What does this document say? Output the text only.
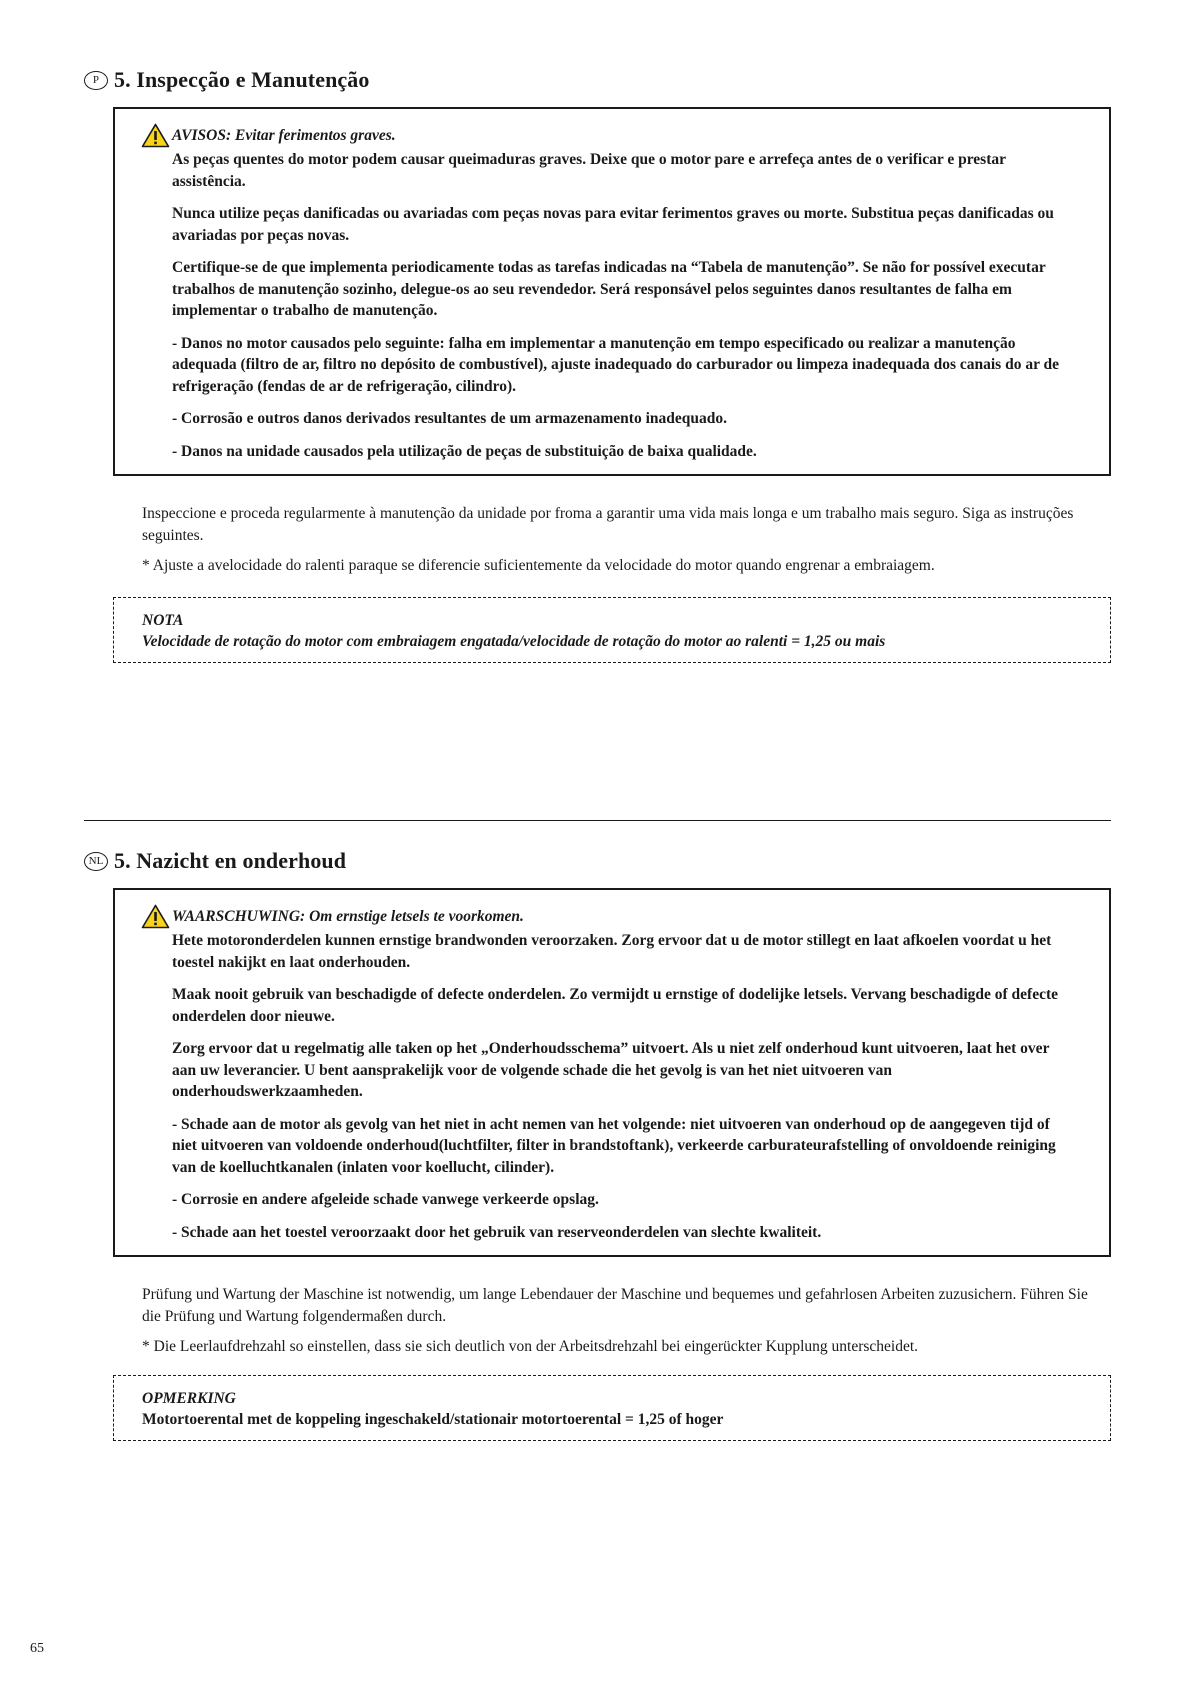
P 5. Inspecção e Manutenção
AVISOS: Evitar ferimentos graves.

As peças quentes do motor podem causar queimaduras graves. Deixe que o motor pare e arrefeça antes de o verificar e prestar assistência.

Nunca utilize peças danificadas ou avariadas com peças novas para evitar ferimentos graves ou morte. Substitua peças danificadas ou avariadas por peças novas.

Certifique-se de que implementa periodicamente todas as tarefas indicadas na “Tabela de manutenção”. Se não for possível executar trabalhos de manutenção sozinho, delegue-os ao seu revendedor. Será responsável pelos seguintes danos resultantes de falha em implementar o trabalho de manutenção.

- Danos no motor causados pelo seguinte: falha em implementar a manutenção em tempo especificado ou realizar a manutenção adequada (filtro de ar, filtro no depósito de combustível), ajuste inadequado do carburador ou limpeza inadequada dos canais do ar de refrigeração (fendas de ar de refrigeração, cilindro).

- Corrosão e outros danos derivados resultantes de um armazenamento inadequado.

- Danos na unidade causados pela utilização de peças de substituição de baixa qualidade.

Inspeccione e proceda regularmente à manutenção da unidade por froma a garantir uma vida mais longa e um trabalho mais seguro. Siga as instruções seguintes.

* Ajuste a avelocidade do ralenti paraque se diferencie suficientemente da velocidade do motor quando engrenar a embraiagem.

NOTA
Velocidade de rotação do motor com embraiagem engatada/velocidade de rotação do motor ao ralenti = 1,25 ou mais
NL 5. Nazicht en onderhoud
WAARSCHUWING: Om ernstige letsels te voorkomen.

Hete motoronderdelen kunnen ernstige brandwonden veroorzaken. Zorg ervoor dat u de motor stillegt en laat afkoelen voordat u het toestel nakijkt en laat onderhouden.

Maak nooit gebruik van beschadigde of defecte onderdelen. Zo vermijdt u ernstige of dodelijke letsels. Vervang beschadigde of defecte onderdelen door nieuwe.

Zorg ervoor dat u regelmatig alle taken op het „Onderhoudsschema” uitvoert. Als u niet zelf onderhoud kunt uitvoeren, laat het over aan uw leverancier. U bent aansprakelijk voor de volgende schade die het gevolg is van het niet uitvoeren van onderhoudswerkzaamheden.

- Schade aan de motor als gevolg van het niet in acht nemen van het volgende: niet uitvoeren van onderhoud op de aangegeven tijd of niet uitvoeren van voldoende onderhoud(luchtfilter, filter in brandstoftank), verkeerde carburateurafstelling of onvoldoende reiniging van de koelluchtkanalen (inlaten voor koellucht, cilinder).

- Corrosie en andere afgeleide schade vanwege verkeerde opslag.

- Schade aan het toestel veroorzaakt door het gebruik van reserveonderdelen van slechte kwaliteit.

Prüfung und Wartung der Maschine ist notwendig, um lange Lebendauer der Maschine und bequemes und gefahrlosen Arbeiten zuzusichern. Führen Sie die Prüfung und Wartung folgendermaßen durch.

* Die Leerlaufdrehzahl so einstellen, dass sie sich deutlich von der Arbeitsdrehzahl bei eingerückter Kupplung unterscheidet.

OPMERKING
Motortoerental met de koppeling ingeschakeld/stationair motortoerental = 1,25 of hoger
65
